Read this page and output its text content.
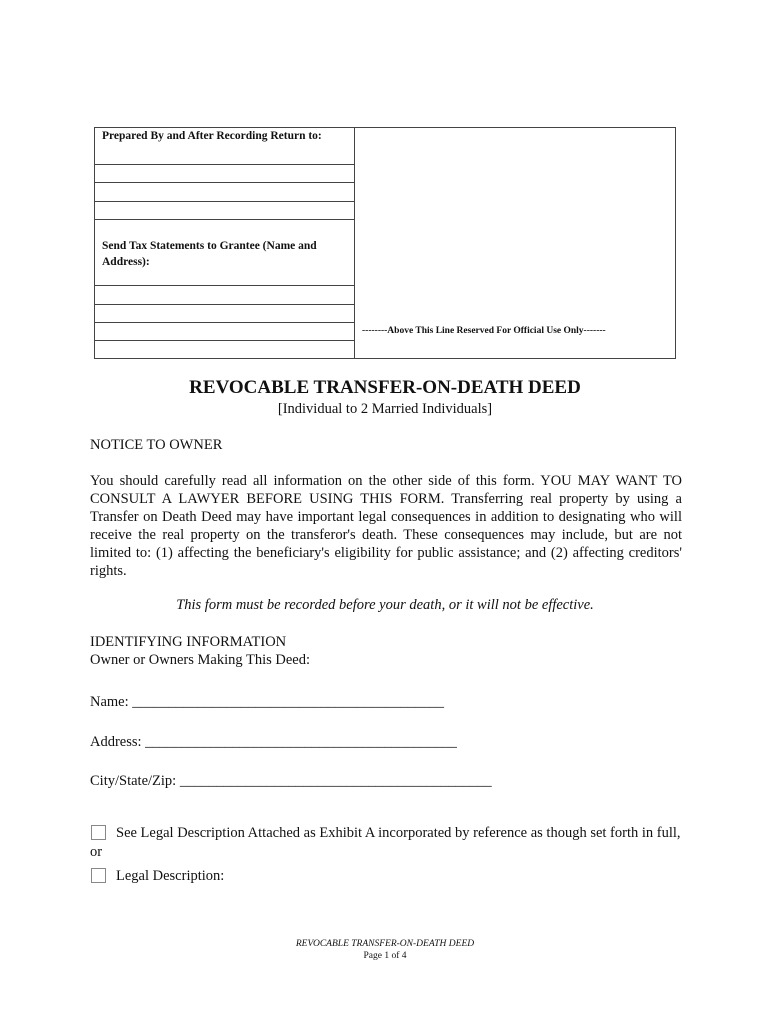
Prepared By and After Recording Return to:
Send Tax Statements to Grantee (Name and Address):
--------Above This Line Reserved For Official Use Only-------
REVOCABLE TRANSFER-ON-DEATH DEED
[Individual to 2 Married Individuals]
NOTICE TO OWNER
You should carefully read all information on the other side of this form. YOU MAY WANT TO CONSULT A LAWYER BEFORE USING THIS FORM. Transferring real property by using a Transfer on Death Deed may have important legal consequences in addition to designating who will receive the real property on the transferor's death. These consequences may include, but are not limited to: (1) affecting the beneficiary's eligibility for public assistance; and (2) affecting creditors' rights.
This form must be recorded before your death, or it will not be effective.
IDENTIFYING INFORMATION
Owner or Owners Making This Deed:
Name: ___________________________________________
Address: ___________________________________________
City/State/Zip: ___________________________________________
See Legal Description Attached as Exhibit A incorporated by reference as though set forth in full, or
Legal Description:
REVOCABLE TRANSFER-ON-DEATH DEED
Page 1 of 4
